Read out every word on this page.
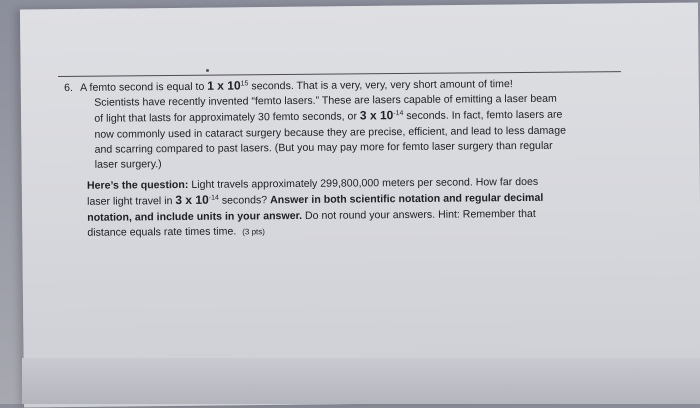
6. A femto second is equal to 1 x $10^{15}$ seconds. That is a very, very, very short amount of time!
Scientists have recently invented “femto lasers.” These are lasers capable of emitting a laser beam
of light that lasts for approximately 30 femto seconds, or 3 x $10^{-14}$ seconds. In fact, femto lasers are
now commonly used in cataract surgery because they are precise, efficient, and lead to less damage
and scarring compared to past lasers. (But you may pay more for femto laser surgery than regular
laser surgery.)
Here’s the question: Light travels approximately 299,800,000 meters per second. How far does
laser light travel in 3 x $10^{-14}$ seconds? Answer in both scientific notation and regular decimal
notation, and include units in your answer. Do not round your answers. Hint: Remember that
distance equals rate times time. (3 pts)
